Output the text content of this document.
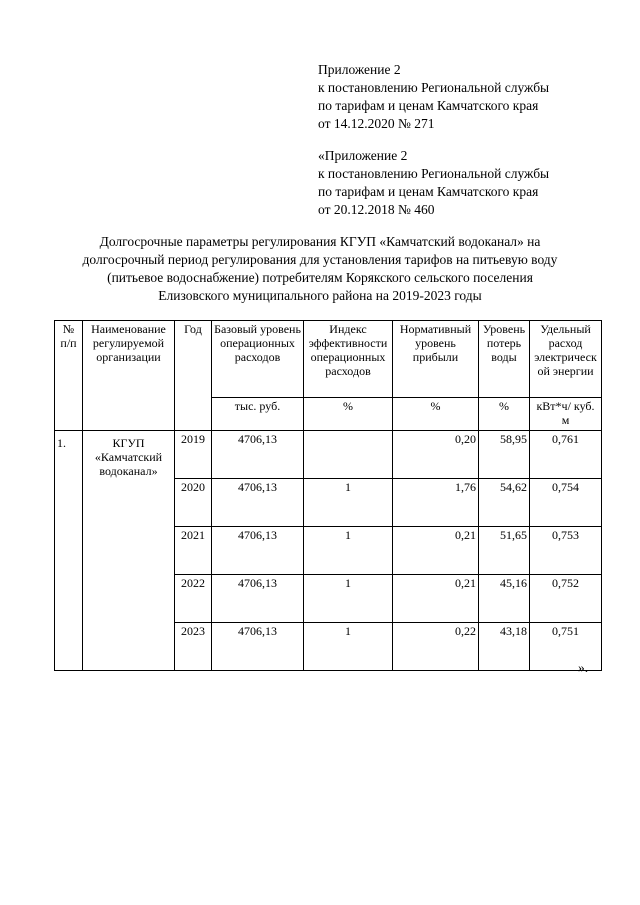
Приложение 2
к постановлению Региональной службы
по тарифам и ценам Камчатского края
от 14.12.2020 № 271
«Приложение 2
к постановлению Региональной службы
по тарифам и ценам Камчатского края
от 20.12.2018 № 460
Долгосрочные параметры регулирования КГУП «Камчатский водоканал» на
долгосрочный период регулирования для установления тарифов на питьевую воду
(питьевое водоснабжение) потребителям Корякского сельского поселения
Елизовского муниципального района на 2019-2023 годы
№ п/п	Наименование регулируемой организации	Год	Базовый уровень операционных расходов	Индекс эффективности операционных расходов	Нормативный уровень прибыли	Уровень потерь воды	Удельный расход электрическ ой энергии
			тыс. руб.	%	%	%	кВт*ч/ куб. м
1.	КГУП «Камчатский водоканал»	2019	4706,13		0,20	58,95	0,761
		2020	4706,13	1	1,76	54,62	0,754
		2021	4706,13	1	0,21	51,65	0,753
		2022	4706,13	1	0,21	45,16	0,752
		2023	4706,13	1	0,22	43,18	0,751
».
